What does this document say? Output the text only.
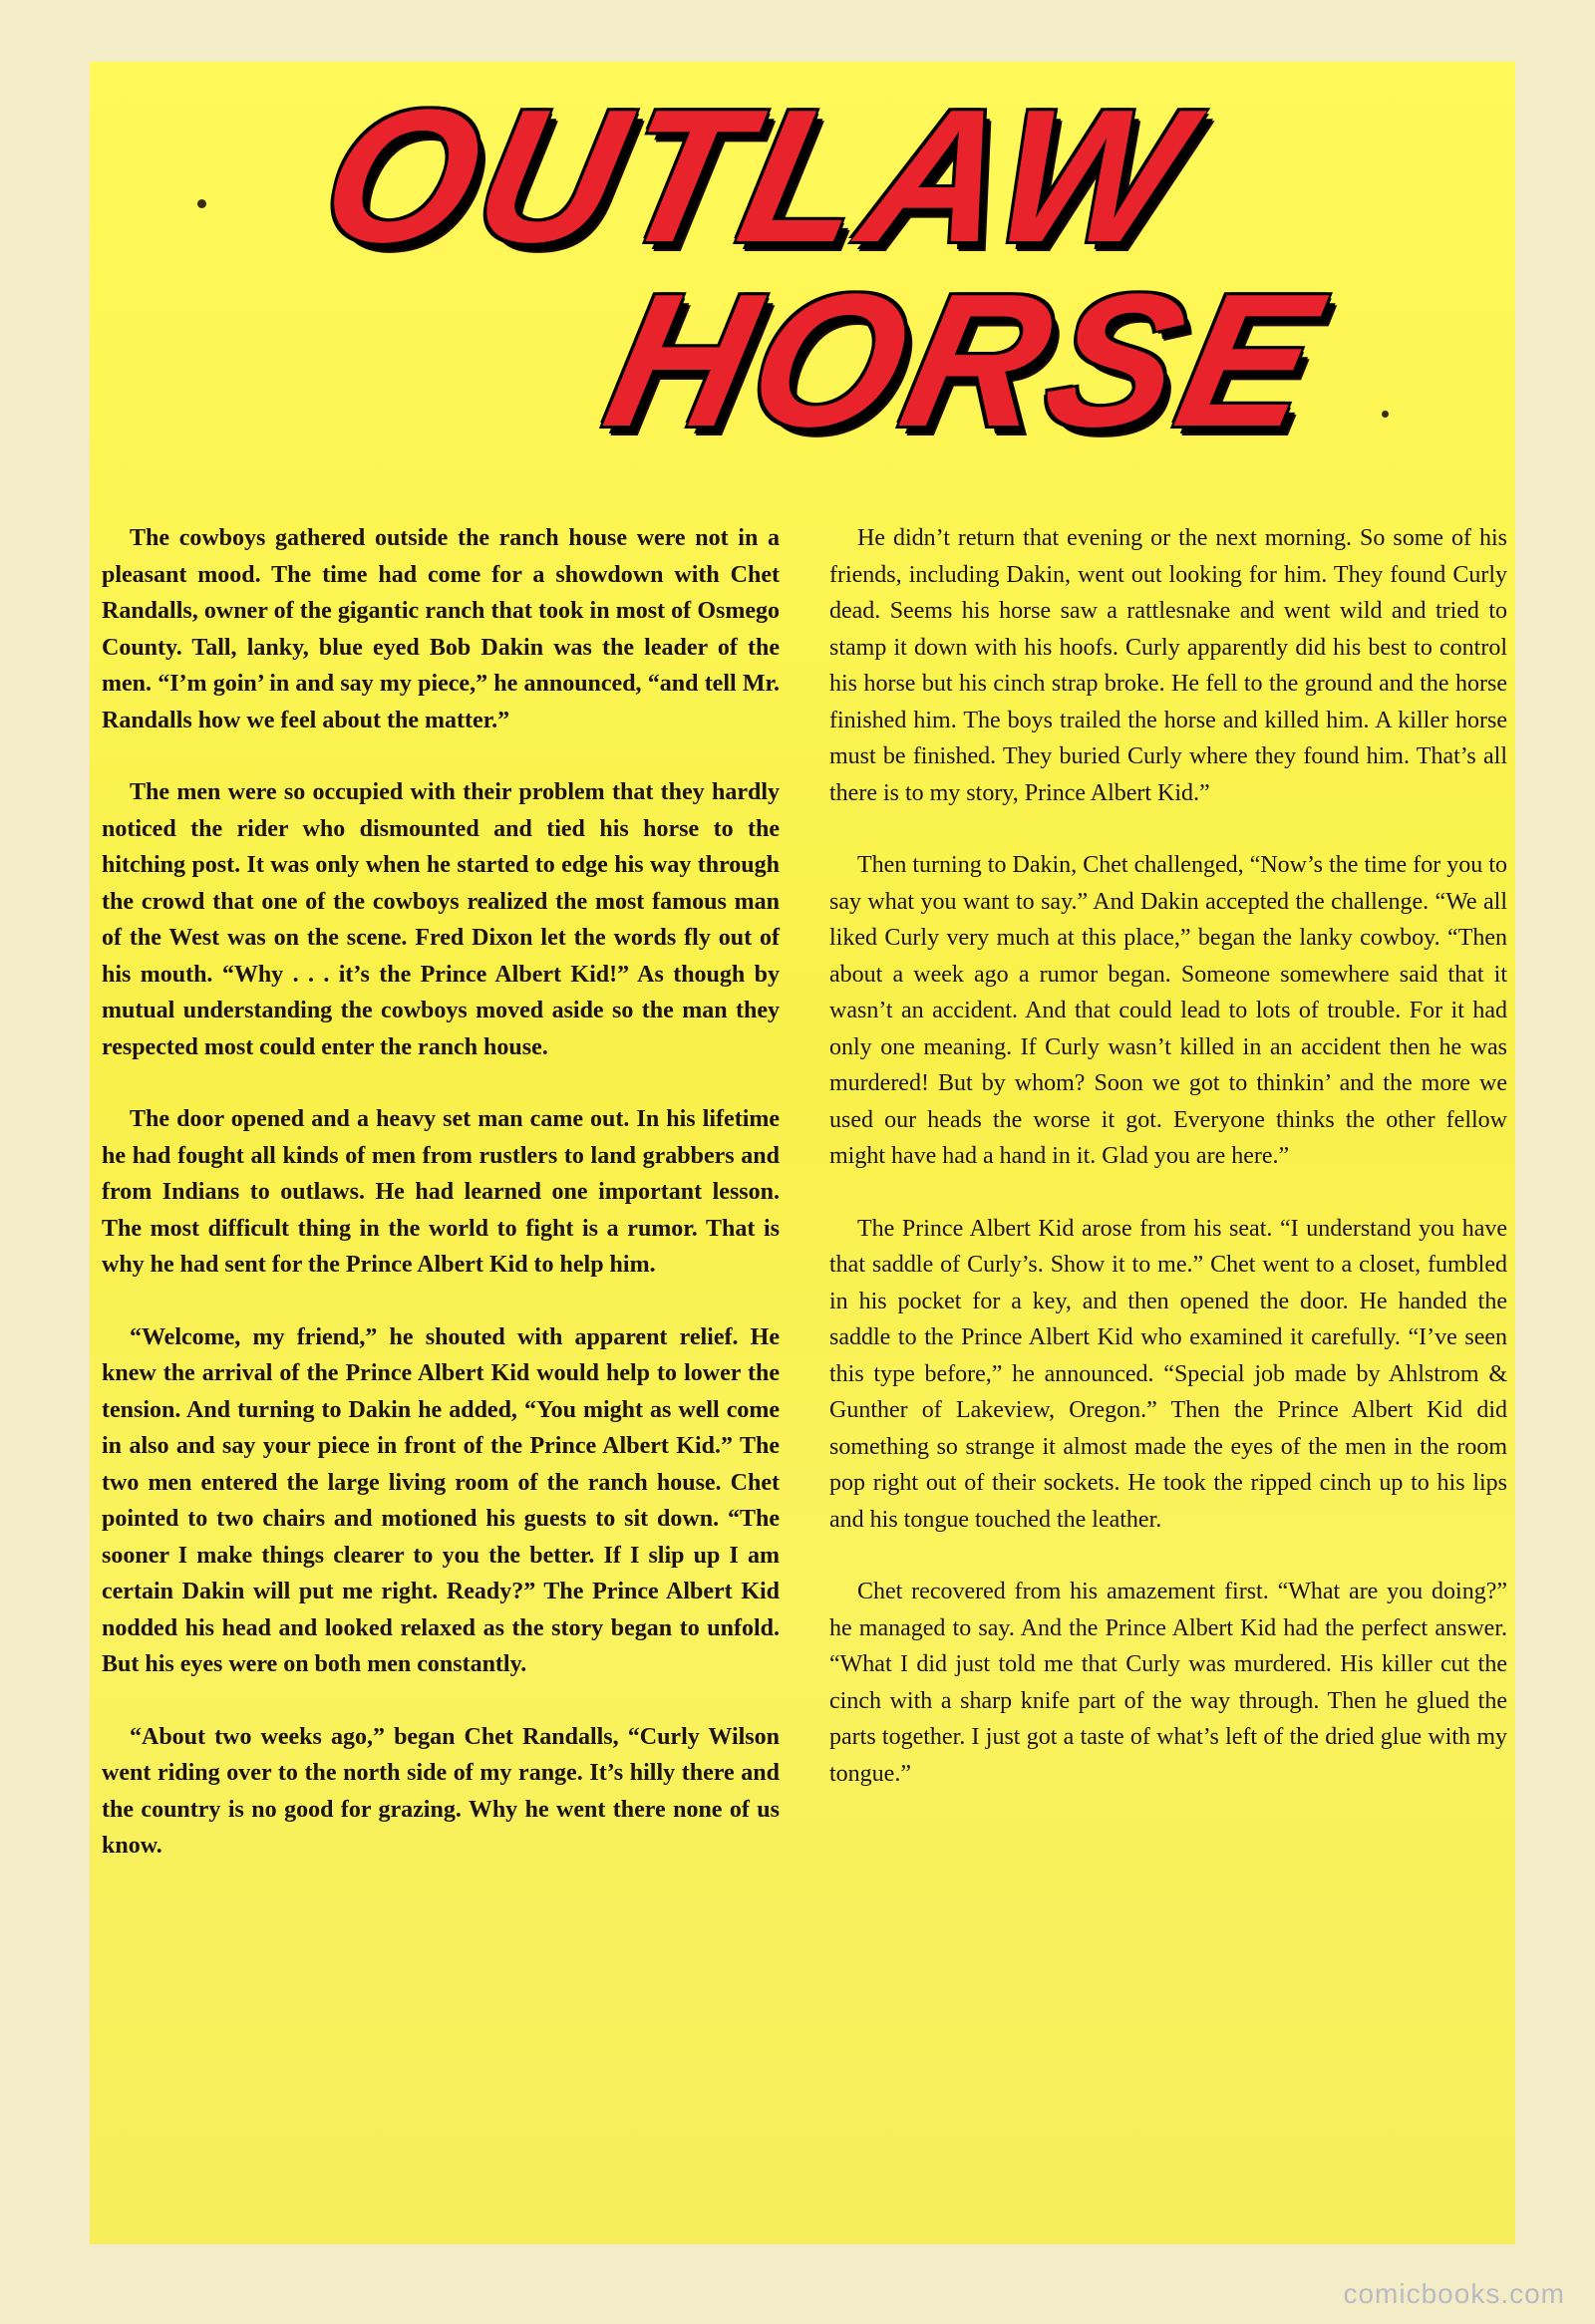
OUTLAW
HORSE

The cowboys gathered outside the ranch house were not in a pleasant mood. The time had come for a showdown with Chet Randalls, owner of the gigantic ranch that took in most of Osmego County. Tall, lanky, blue eyed Bob Dakin was the leader of the men. “I’m goin’ in and say my piece,” he announced, “and tell Mr. Randalls how we feel about the matter.”

The men were so occupied with their problem that they hardly noticed the rider who dismounted and tied his horse to the hitching post. It was only when he started to edge his way through the crowd that one of the cowboys realized the most famous man of the West was on the scene. Fred Dixon let the words fly out of his mouth. “Why . . . it’s the Prince Albert Kid!” As though by mutual understanding the cowboys moved aside so the man they respected most could enter the ranch house.

The door opened and a heavy set man came out. In his lifetime he had fought all kinds of men from rustlers to land grabbers and from Indians to outlaws. He had learned one important lesson. The most difficult thing in the world to fight is a rumor. That is why he had sent for the Prince Albert Kid to help him.

“Welcome, my friend,” he shouted with apparent relief. He knew the arrival of the Prince Albert Kid would help to lower the tension. And turning to Dakin he added, “You might as well come in also and say your piece in front of the Prince Albert Kid.” The two men entered the large living room of the ranch house. Chet pointed to two chairs and motioned his guests to sit down. “The sooner I make things clearer to you the better. If I slip up I am certain Dakin will put me right. Ready?” The Prince Albert Kid nodded his head and looked relaxed as the story began to unfold. But his eyes were on both men constantly.

“About two weeks ago,” began Chet Randalls, “Curly Wilson went riding over to the north side of my range. It’s hilly there and the country is no good for grazing. Why he went there none of us know.

He didn’t return that evening or the next morning. So some of his friends, including Dakin, went out looking for him. They found Curly dead. Seems his horse saw a rattlesnake and went wild and tried to stamp it down with his hoofs. Curly apparently did his best to control his horse but his cinch strap broke. He fell to the ground and the horse finished him. The boys trailed the horse and killed him. A killer horse must be finished. They buried Curly where they found him. That’s all there is to my story, Prince Albert Kid.”

Then turning to Dakin, Chet challenged, “Now’s the time for you to say what you want to say.” And Dakin accepted the challenge. “We all liked Curly very much at this place,” began the lanky cowboy. “Then about a week ago a rumor began. Someone somewhere said that it wasn’t an accident. And that could lead to lots of trouble. For it had only one meaning. If Curly wasn’t killed in an accident then he was murdered! But by whom? Soon we got to thinkin’ and the more we used our heads the worse it got. Everyone thinks the other fellow might have had a hand in it. Glad you are here.”

The Prince Albert Kid arose from his seat. “I understand you have that saddle of Curly’s. Show it to me.” Chet went to a closet, fumbled in his pocket for a key, and then opened the door. He handed the saddle to the Prince Albert Kid who examined it carefully. “I’ve seen this type before,” he announced. “Special job made by Ahlstrom & Gunther of Lakeview, Oregon.” Then the Prince Albert Kid did something so strange it almost made the eyes of the men in the room pop right out of their sockets. He took the ripped cinch up to his lips and his tongue touched the leather.

Chet recovered from his amazement first. “What are you doing?” he managed to say. And the Prince Albert Kid had the perfect answer. “What I did just told me that Curly was murdered. His killer cut the cinch with a sharp knife part of the way through. Then he glued the parts together. I just got a taste of what’s left of the dried glue with my tongue.”

comicbooks.com
